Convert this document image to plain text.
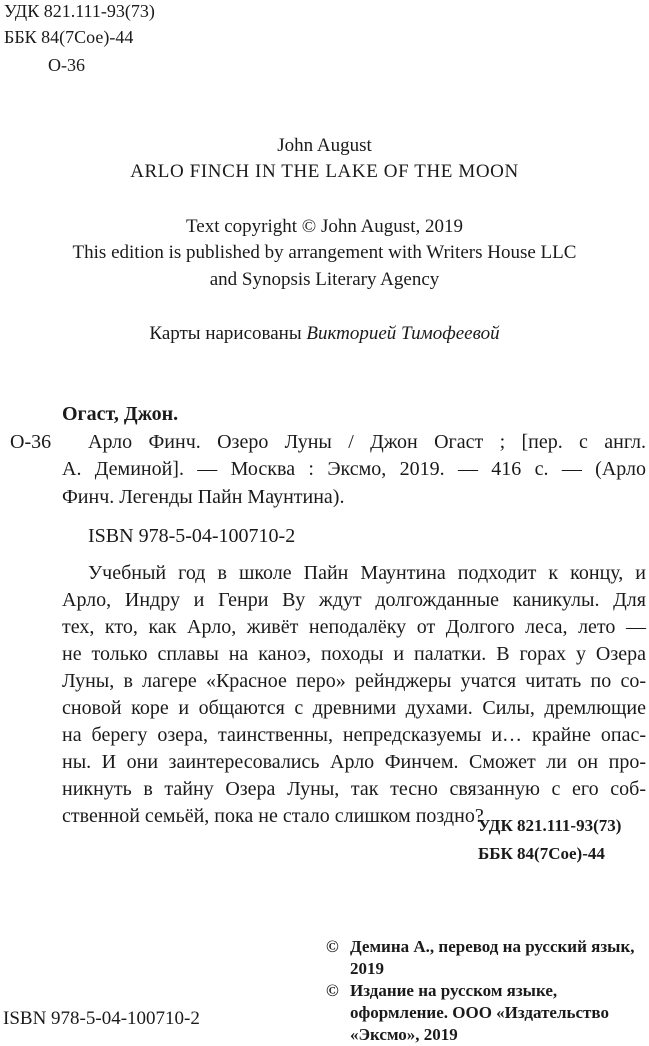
УДК 821.111-93(73)
ББК 84(7Сое)-44
О-36
John August
ARLO FINCH IN THE LAKE OF THE MOON
Text copyright © John August, 2019
This edition is published by arrangement with Writers House LLC
and Synopsis Literary Agency
Карты нарисованы Викторией Тимофеевой
Огаст, Джон.
О-36 Арло Финч. Озеро Луны / Джон Огаст ; [пер. с англ.
А. Деминой]. — Москва : Эксмо, 2019. — 416 с. — (Арло
Финч. Легенды Пайн Маунтина).
ISBN 978-5-04-100710-2
Учебный год в школе Пайн Маунтина подходит к концу, и
Арло, Индру и Генри Ву ждут долгожданные каникулы. Для
тех, кто, как Арло, живёт неподалёку от Долгого леса, лето —
не только сплавы на каноэ, походы и палатки. В горах у Озера
Луны, в лагере «Красное перо» рейнджеры учатся читать по со-
сновой коре и общаются с древними духами. Силы, дремлющие
на берегу озера, таинственны, непредсказуемы и… крайне опас-
ны. И они заинтересовались Арло Финчем. Сможет ли он про-
никнуть в тайну Озера Луны, так тесно связанную с его соб-
ственной семьёй, пока не стало слишком поздно?
УДК 821.111-93(73)
ББК 84(7Сое)-44
ISBN 978-5-04-100710-2
© Демина А., перевод на русский язык, 2019
© Издание на русском языке, оформление. ООО «Издательство «Эксмо», 2019
